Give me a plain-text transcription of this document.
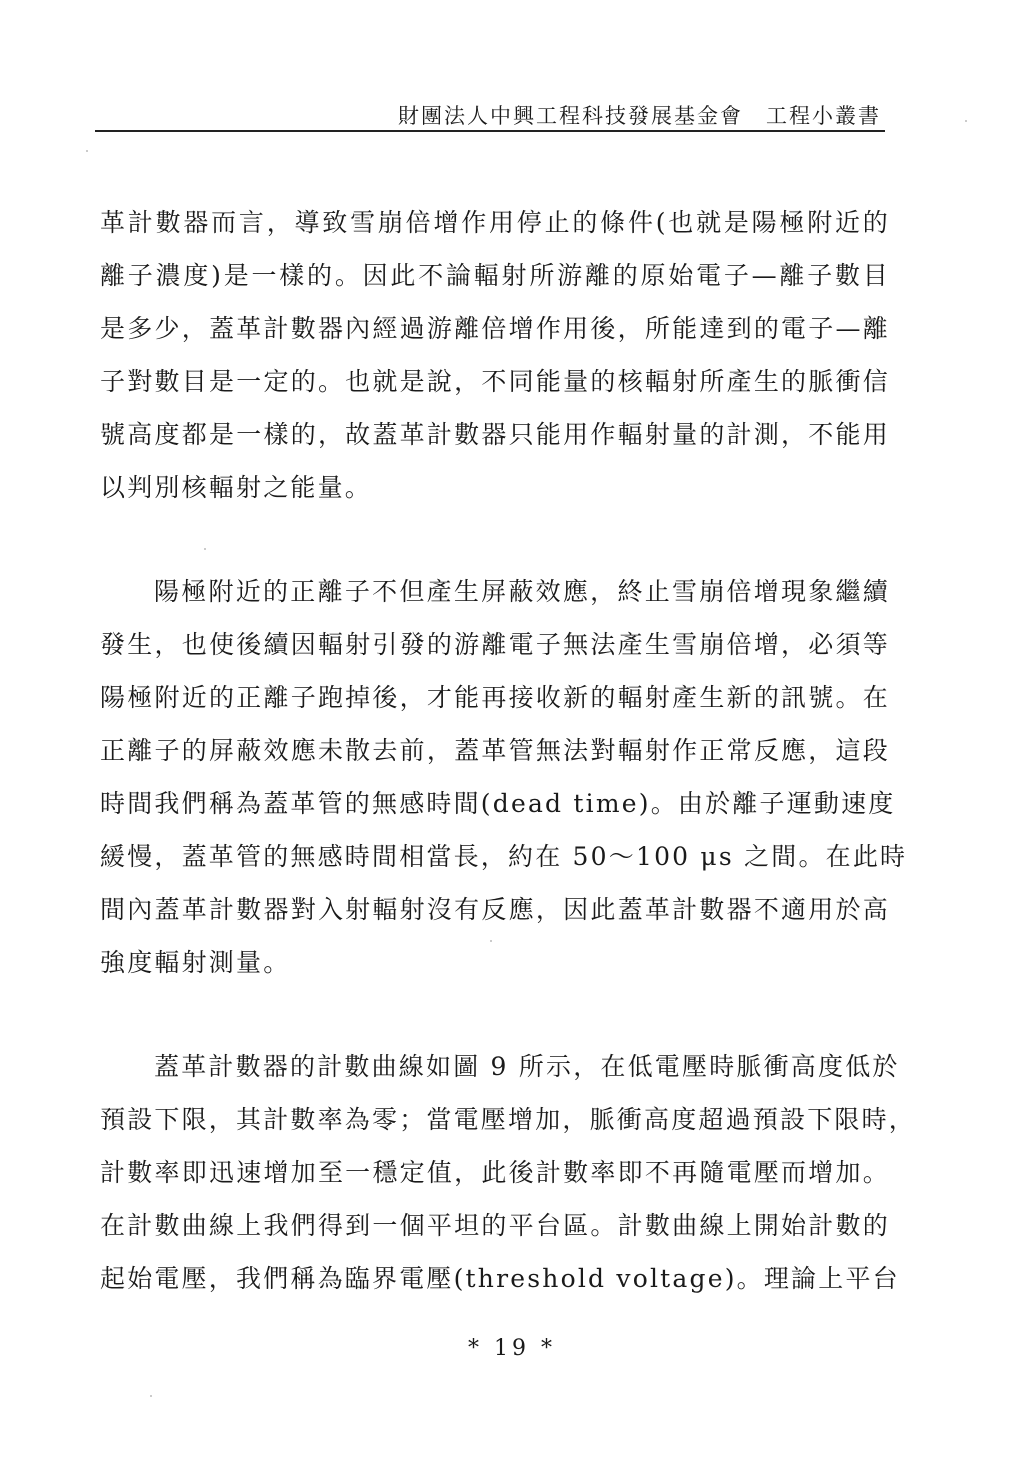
財團法人中興工程科技發展基金會　工程小叢書
革計數器而言，導致雪崩倍增作用停止的條件(也就是陽極附近的
離子濃度)是一樣的。因此不論輻射所游離的原始電子—離子數目
是多少，蓋革計數器內經過游離倍增作用後，所能達到的電子—離
子對數目是一定的。也就是說，不同能量的核輻射所產生的脈衝信
號高度都是一樣的，故蓋革計數器只能用作輻射量的計測，不能用
以判別核輻射之能量。
陽極附近的正離子不但產生屏蔽效應，終止雪崩倍增現象繼續
發生，也使後續因輻射引發的游離電子無法產生雪崩倍增，必須等
陽極附近的正離子跑掉後，才能再接收新的輻射產生新的訊號。在
正離子的屏蔽效應未散去前，蓋革管無法對輻射作正常反應，這段
時間我們稱為蓋革管的無感時間(dead time)。由於離子運動速度
緩慢，蓋革管的無感時間相當長，約在 50～100 μs 之間。在此時
間內蓋革計數器對入射輻射沒有反應，因此蓋革計數器不適用於高
強度輻射測量。
蓋革計數器的計數曲線如圖 9 所示，在低電壓時脈衝高度低於
預設下限，其計數率為零；當電壓增加，脈衝高度超過預設下限時，
計數率即迅速增加至一穩定值，此後計數率即不再隨電壓而增加。
在計數曲線上我們得到一個平坦的平台區。計數曲線上開始計數的
起始電壓，我們稱為臨界電壓(threshold voltage)。理論上平台
* 19 *
